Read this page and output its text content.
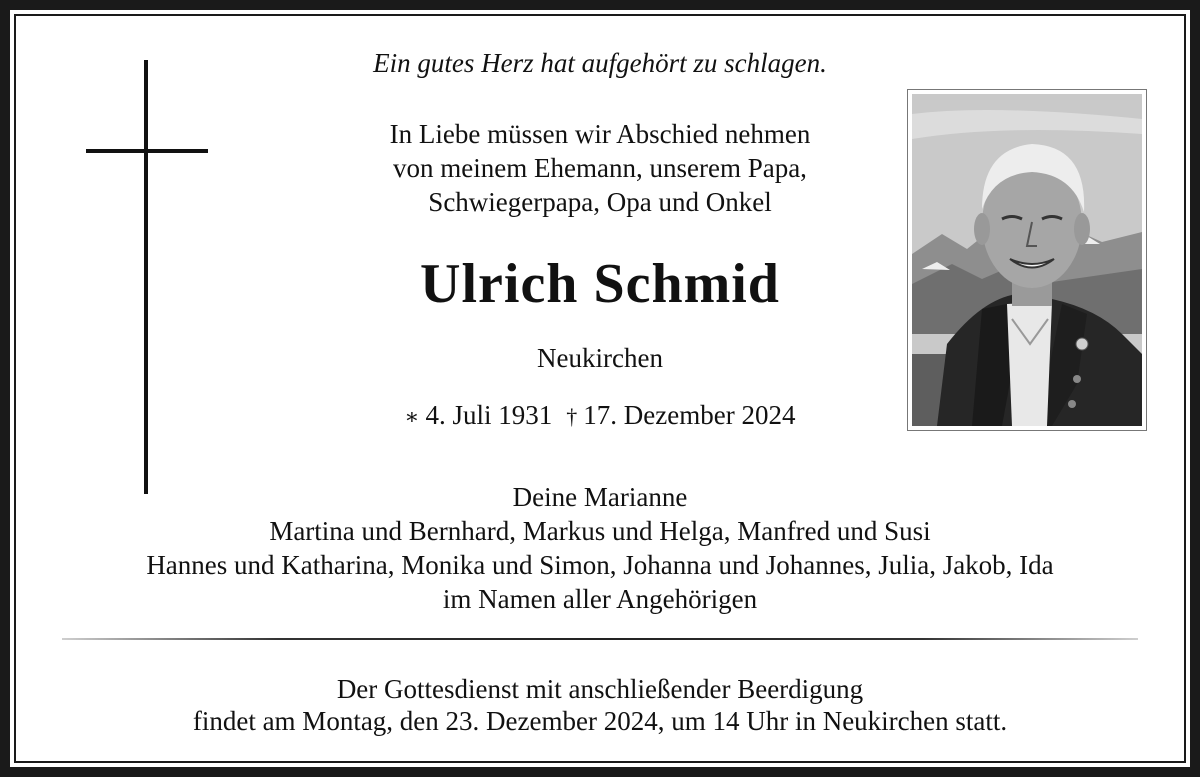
Ein gutes Herz hat aufgehört zu schlagen.
In Liebe müssen wir Abschied nehmen
von meinem Ehemann, unserem Papa,
Schwiegerpapa, Opa und Onkel
Ulrich Schmid
Neukirchen
∗ 4. Juli 1931 † 17. Dezember 2024
Deine Marianne
Martina und Bernhard, Markus und Helga, Manfred und Susi
Hannes und Katharina, Monika und Simon, Johanna und Johannes, Julia, Jakob, Ida
im Namen aller Angehörigen
Der Gottesdienst mit anschließender Beerdigung
findet am Montag, den 23. Dezember 2024, um 14 Uhr in Neukirchen statt.
